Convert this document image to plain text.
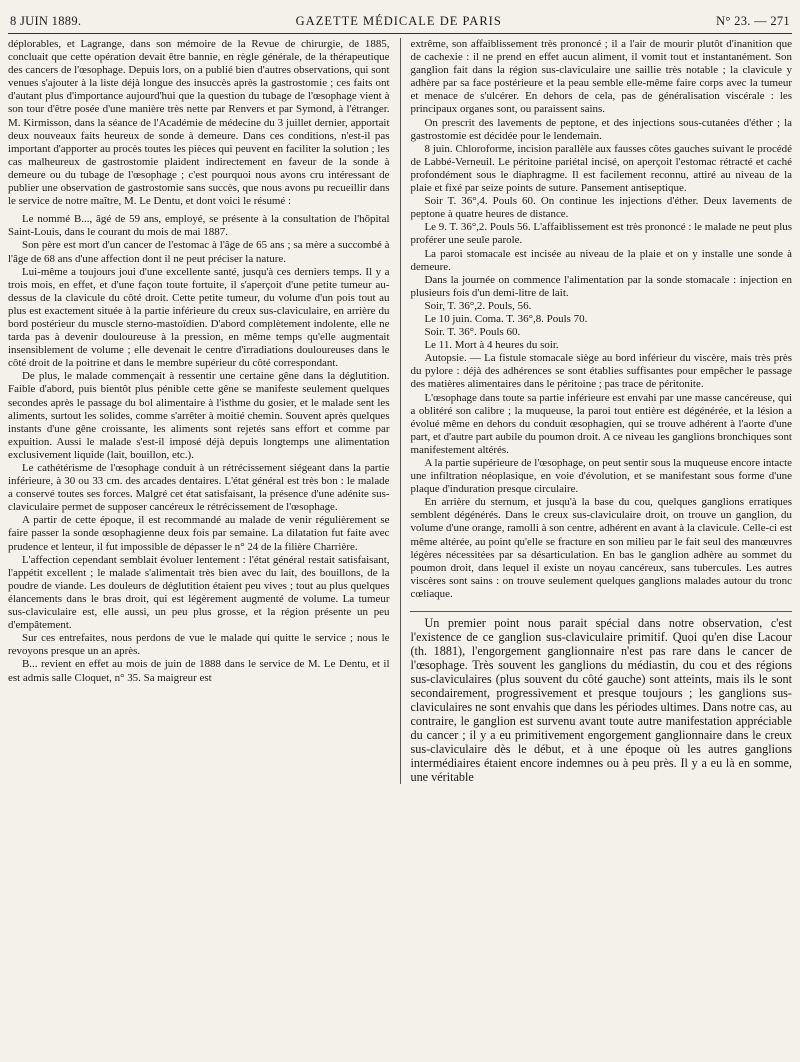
8 JUIN 1889.	GAZETTE MÉDICALE DE PARIS	N° 23. — 271

déplorables, et Lagrange, dans son mémoire de la Revue de chirurgie, de 1885, concluait que cette opération devait être bannie, en règle générale, de la thérapeutique des cancers de l'œsophage. Depuis lors, on a publié bien d'autres observations, qui sont venues s'ajouter à la liste déjà longue des insuccès après la gastrostomie ; ces faits ont d'autant plus d'importance aujourd'hui que la question du tubage de l'œsophage vient à son tour d'être posée d'une manière très nette par Renvers et par Symond, à l'étranger. M. Kirmisson, dans la séance de l'Académie de médecine du 3 juillet dernier, apportait deux nouveaux faits heureux de sonde à demeure. Dans ces conditions, n'est-il pas important d'apporter au procès toutes les pièces qui peuvent en faciliter la solution ; les cas malheureux de gastrostomie plaident indirectement en faveur de la sonde à demeure ou du tubage de l'œsophage ; c'est pourquoi nous avons cru intéressant de publier une observation de gastrostomie sans succès, que nous avons pu recueillir dans le service de notre maître, M. Le Dentu, et dont voici le résumé :

Le nommé B..., âgé de 59 ans, employé, se présente à la consultation de l'hôpital Saint-Louis, dans le courant du mois de mai 1887.

Son père est mort d'un cancer de l'estomac à l'âge de 65 ans ; sa mère a succombé à l'âge de 68 ans d'une affection dont il ne peut préciser la nature.

Lui-même a toujours joui d'une excellente santé, jusqu'à ces derniers temps. Il y a trois mois, en effet, et d'une façon toute fortuite, il s'aperçoit d'une petite tumeur au-dessus de la clavicule du côté droit. Cette petite tumeur, du volume d'un pois tout au plus est exactement située à la partie inférieure du creux sus-claviculaire, en arrière du bord postérieur du muscle sterno-mastoïdien. D'abord complètement indolente, elle ne tarda pas à devenir douloureuse à la pression, en même temps qu'elle augmentait insensiblement de volume ; elle devenait le centre d'irradiations douloureuses dans le côté droit de la poitrine et dans le membre supérieur du côté correspondant.

De plus, le malade commençait à ressentir une certaine gêne dans la déglutition. Faible d'abord, puis bientôt plus pénible cette gêne se manifeste seulement quelques secondes après le passage du bol alimentaire à l'isthme du gosier, et le malade sent les aliments, surtout les solides, comme s'arrêter à moitié chemin. Souvent après quelques instants d'une gêne croissante, les aliments sont rejetés sans effort et comme par expuition. Aussi le malade s'est-il imposé déjà depuis longtemps une alimentation exclusivement liquide (lait, bouillon, etc.).

Le cathétérisme de l'œsophage conduit à un rétrécissement siégeant dans la partie inférieure, à 30 ou 33 cm. des arcades dentaires. L'état général est très bon : le malade a conservé toutes ses forces. Malgré cet état satisfaisant, la présence d'une adénite sus-claviculaire permet de supposer cancéreux le rétrécissement de l'œsophage.

A partir de cette époque, il est recommandé au malade de venir régulièrement se faire passer la sonde œsophagienne deux fois par semaine. La dilatation fut faite avec prudence et lenteur, il fut impossible de dépasser le n° 24 de la filière Charrière.

L'affection cependant semblait évoluer lentement : l'état général restait satisfaisant, l'appétit excellent ; le malade s'alimentait très bien avec du lait, des bouillons, de la poudre de viande. Les douleurs de déglutition étaient peu vives ; tout au plus quelques élancements dans le bras droit, qui est légèrement augmenté de volume. La tumeur sus-claviculaire est, elle aussi, un peu plus grosse, et la région présente un peu d'empâtement.

Sur ces entrefaites, nous perdons de vue le malade qui quitte le service ; nous le revoyons presque un an après.

B... revient en effet au mois de juin de 1888 dans le service de M. Le Dentu, et il est admis salle Cloquet, n° 35. Sa maigreur est

extrême, son affaiblissement très prononcé ; il a l'air de mourir plutôt d'inanition que de cachexie : il ne prend en effet aucun aliment, il vomit tout et instantanément. Son ganglion fait dans la région sus-claviculaire une saillie très notable ; la clavicule y adhère par sa face postérieure et la peau semble elle-même faire corps avec la tumeur et menace de s'ulcérer. En dehors de cela, pas de généralisation viscérale : les principaux organes sont, ou paraissent sains.

On prescrit des lavements de peptone, et des injections sous-cutanées d'éther ; la gastrostomie est décidée pour le lendemain.

8 juin. Chloroforme, incision parallèle aux fausses côtes gauches suivant le procédé de Labbé-Verneuil. Le péritoine pariétal incisé, on aperçoit l'estomac rétracté et caché profondément sous le diaphragme. Il est facilement reconnu, attiré au niveau de la plaie et fixé par seize points de suture. Pansement antiseptique.

Soir T. 36°,4. Pouls 60. On continue les injections d'éther. Deux lavements de peptone à quatre heures de distance.

Le 9. T. 36°,2. Pouls 56. L'affaiblissement est très prononcé : le malade ne peut plus proférer une seule parole.

La paroi stomacale est incisée au niveau de la plaie et on y installe une sonde à demeure.

Dans la journée on commence l'alimentation par la sonde stomacale : injection en plusieurs fois d'un demi-litre de lait.

Soir, T. 36°,2. Pouls, 56.

Le 10 juin. Coma. T. 36°,8. Pouls 70.

Soir. T. 36°. Pouls 60.

Le 11. Mort à 4 heures du soir.

Autopsie. — La fistule stomacale siège au bord inférieur du viscère, mais très près du pylore : déjà des adhérences se sont établies suffisantes pour empêcher le passage des matières alimentaires dans le péritoine ; pas trace de péritonite.

L'œsophage dans toute sa partie inférieure est envahi par une masse cancéreuse, qui a oblitéré son calibre ; la muqueuse, la paroi tout entière est dégénérée, et la lésion a évolué même en dehors du conduit œsophagien, qui se trouve adhérent à l'aorte d'une part, et d'autre part aubile du poumon droit. A ce niveau les ganglions bronchiques sont manifestement altérés.

A la partie supérieure de l'œsophage, on peut sentir sous la muqueuse encore intacte une infiltration néoplasique, en voie d'évolution, et se manifestant sous forme d'une plaque d'induration presque circulaire.

En arrière du sternum, et jusqu'à la base du cou, quelques ganglions erratiques semblent dégénérés. Dans le creux sus-claviculaire droit, on trouve un ganglion, du volume d'une orange, ramolli à son centre, adhérent en avant à la clavicule. Celle-ci est même altérée, au point qu'elle se fracture en son milieu par le fait seul des manœuvres légères nécessitées par sa désarticulation. En bas le ganglion adhère au sommet du poumon droit, dans lequel il existe un noyau cancéreux, sans tubercules. Les autres viscères sont sains : on trouve seulement quelques ganglions malades autour du tronc cœliaque.

Un premier point nous parait spécial dans notre observation, c'est l'existence de ce ganglion sus-claviculaire primitif. Quoi qu'en dise Lacour (th. 1881), l'engorgement ganglionnaire n'est pas rare dans le cancer de l'œsophage. Très souvent les ganglions du médiastin, du cou et des régions sus-claviculaires (plus souvent du côté gauche) sont atteints, mais ils le sont secondairement, progressivement et presque toujours ; les ganglions sus-claviculaires ne sont envahis que dans les périodes ultimes. Dans notre cas, au contraire, le ganglion est survenu avant toute autre manifestation appréciable du cancer ; il y a eu primitivement engorgement ganglionnaire dans le creux sus-claviculaire dès le début, et à une époque où les autres ganglions intermédiaires étaient encore indemnes ou à peu près. Il y a eu là en somme, une véritable
